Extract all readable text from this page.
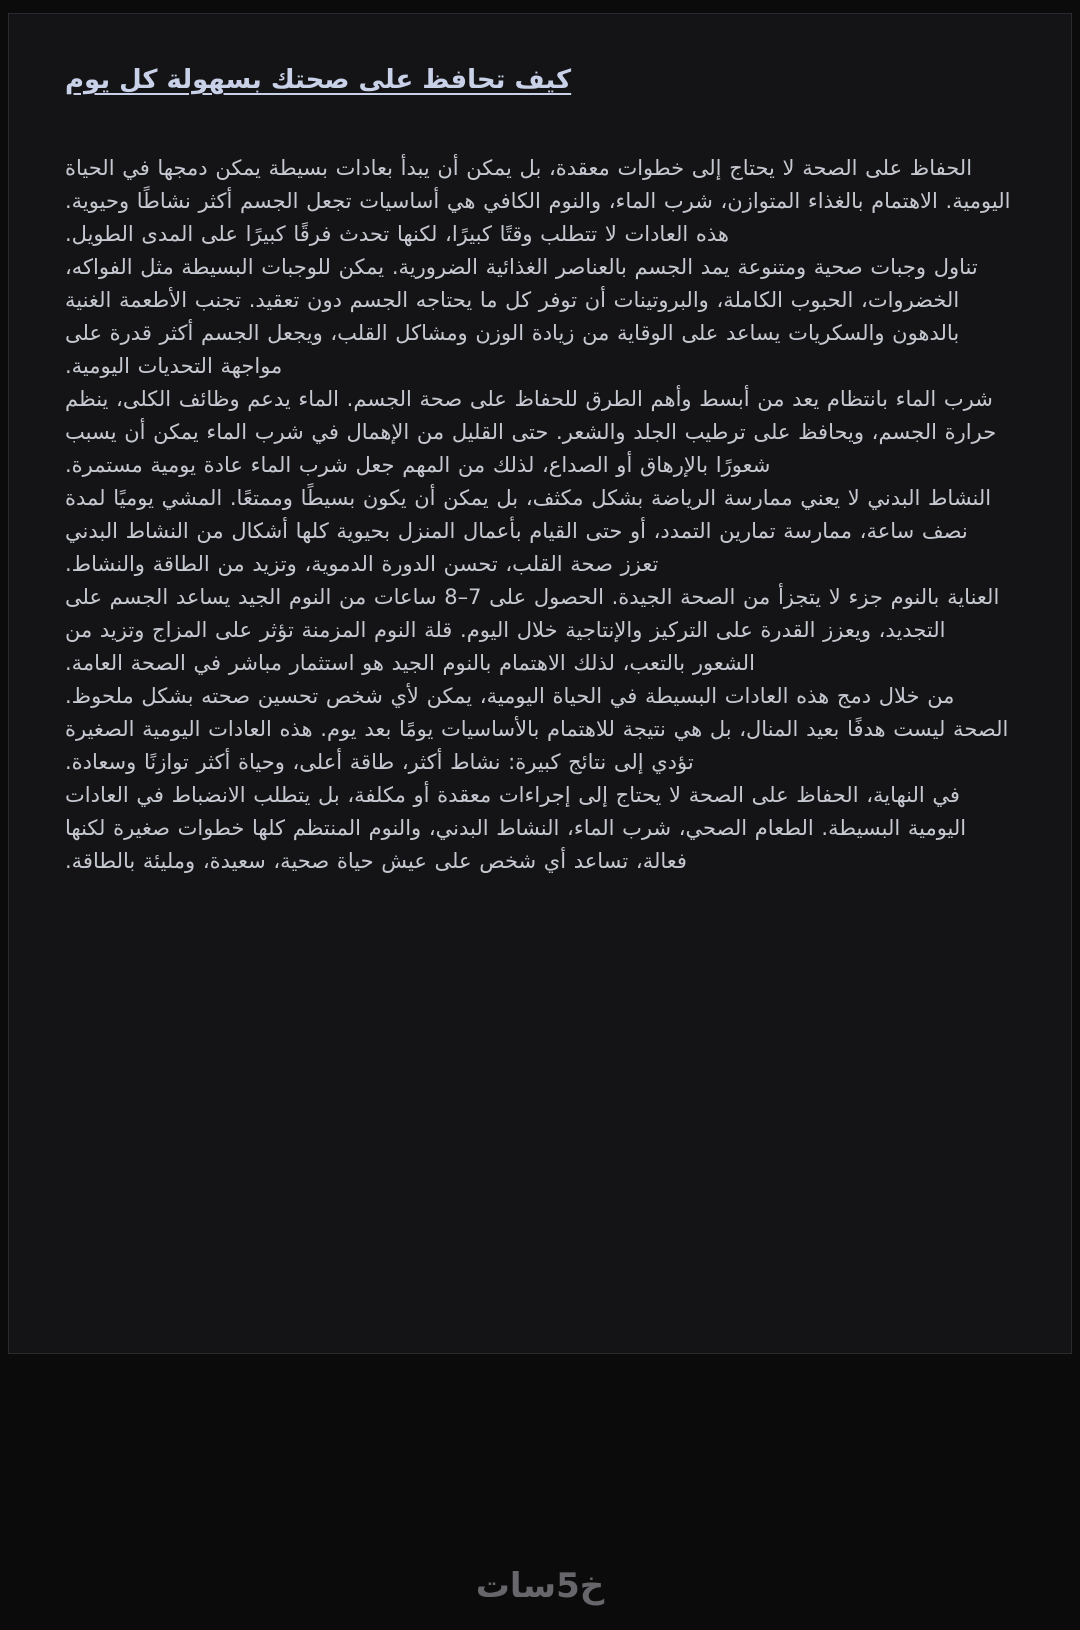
كيف تحافظ على صحتك بسهولة كل يوم

الحفاظ على الصحة لا يحتاج إلى خطوات معقدة، بل يمكن أن يبدأ بعادات بسيطة يمكن دمجها في الحياة اليومية. الاهتمام بالغذاء المتوازن، شرب الماء، والنوم الكافي هي أساسيات تجعل الجسم أكثر نشاطًا وحيوية. هذه العادات لا تتطلب وقتًا كبيرًا، لكنها تحدث فرقًا كبيرًا على المدى الطويل.

تناول وجبات صحية ومتنوعة يمد الجسم بالعناصر الغذائية الضرورية. يمكن للوجبات البسيطة مثل الفواكه، الخضروات، الحبوب الكاملة، والبروتينات أن توفر كل ما يحتاجه الجسم دون تعقيد. تجنب الأطعمة الغنية بالدهون والسكريات يساعد على الوقاية من زيادة الوزن ومشاكل القلب، ويجعل الجسم أكثر قدرة على مواجهة التحديات اليومية.

شرب الماء بانتظام يعد من أبسط وأهم الطرق للحفاظ على صحة الجسم. الماء يدعم وظائف الكلى، ينظم حرارة الجسم، ويحافظ على ترطيب الجلد والشعر. حتى القليل من الإهمال في شرب الماء يمكن أن يسبب شعورًا بالإرهاق أو الصداع، لذلك من المهم جعل شرب الماء عادة يومية مستمرة.

النشاط البدني لا يعني ممارسة الرياضة بشكل مكثف، بل يمكن أن يكون بسيطًا وممتعًا. المشي يوميًا لمدة نصف ساعة، ممارسة تمارين التمدد، أو حتى القيام بأعمال المنزل بحيوية كلها أشكال من النشاط البدني تعزز صحة القلب، تحسن الدورة الدموية، وتزيد من الطاقة والنشاط.

العناية بالنوم جزء لا يتجزأ من الصحة الجيدة. الحصول على 7–8 ساعات من النوم الجيد يساعد الجسم على التجديد، ويعزز القدرة على التركيز والإنتاجية خلال اليوم. قلة النوم المزمنة تؤثر على المزاج وتزيد من الشعور بالتعب، لذلك الاهتمام بالنوم الجيد هو استثمار مباشر في الصحة العامة.

من خلال دمج هذه العادات البسيطة في الحياة اليومية، يمكن لأي شخص تحسين صحته بشكل ملحوظ. الصحة ليست هدفًا بعيد المنال، بل هي نتيجة للاهتمام بالأساسيات يومًا بعد يوم. هذه العادات اليومية الصغيرة تؤدي إلى نتائج كبيرة: نشاط أكثر، طاقة أعلى، وحياة أكثر توازنًا وسعادة.

في النهاية، الحفاظ على الصحة لا يحتاج إلى إجراءات معقدة أو مكلفة، بل يتطلب الانضباط في العادات اليومية البسيطة. الطعام الصحي، شرب الماء، النشاط البدني، والنوم المنتظم كلها خطوات صغيرة لكنها فعالة، تساعد أي شخص على عيش حياة صحية، سعيدة، ومليئة بالطاقة.

خ5سات
